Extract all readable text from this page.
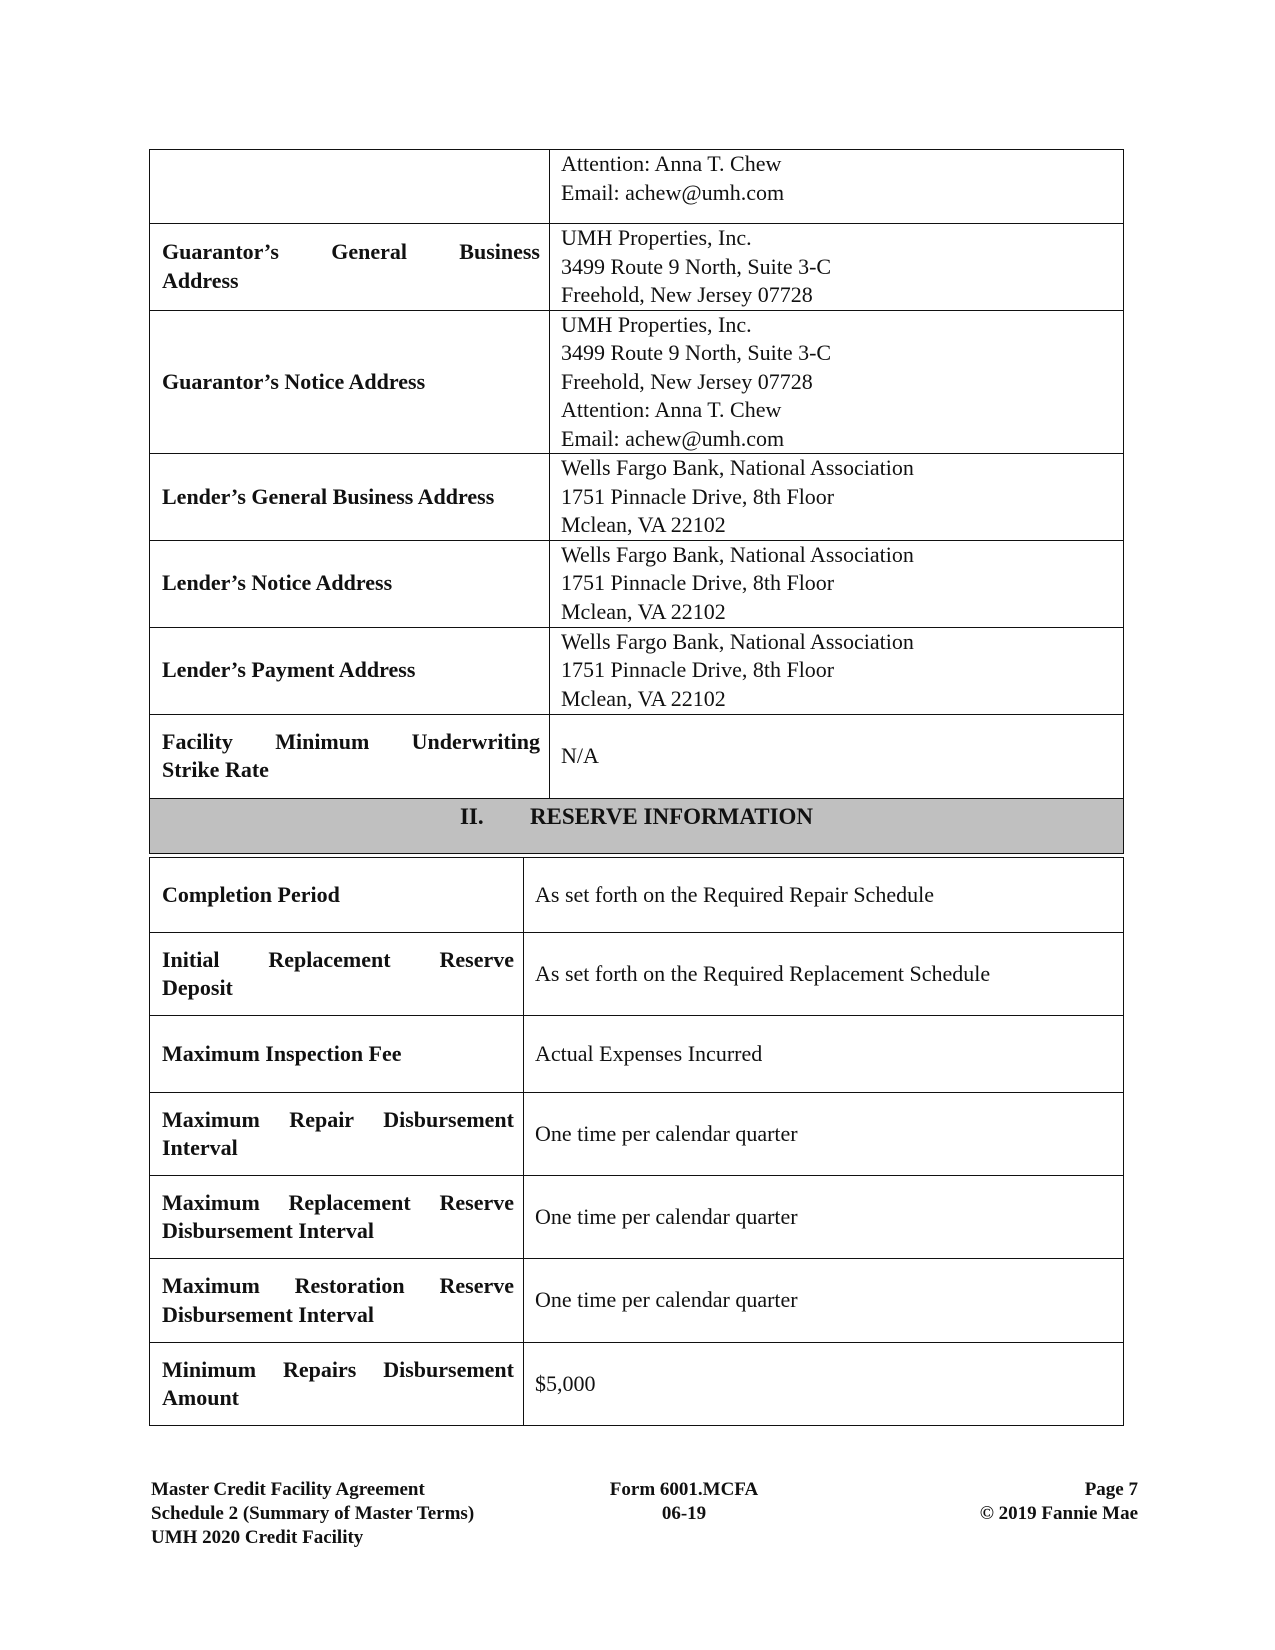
	Attention: Anna T. Chew
Email: achew@umh.com

Guarantor’s General Business
Address	UMH Properties, Inc.
3499 Route 9 North, Suite 3-C
Freehold, New Jersey 07728

Guarantor’s Notice Address	UMH Properties, Inc.
3499 Route 9 North, Suite 3-C
Freehold, New Jersey 07728
Attention: Anna T. Chew
Email: achew@umh.com

Lender’s General Business Address	Wells Fargo Bank, National Association
1751 Pinnacle Drive, 8th Floor
Mclean, VA 22102

Lender’s Notice Address	Wells Fargo Bank, National Association
1751 Pinnacle Drive, 8th Floor
Mclean, VA 22102

Lender’s Payment Address	Wells Fargo Bank, National Association
1751 Pinnacle Drive, 8th Floor
Mclean, VA 22102

Facility Minimum Underwriting
Strike Rate	N/A

II. RESERVE INFORMATION	
Completion Period	As set forth on the Required Repair Schedule

Initial Replacement Reserve
Deposit	As set forth on the Required Replacement Schedule

Maximum Inspection Fee	Actual Expenses Incurred

Maximum Repair Disbursement
Interval	One time per calendar quarter

Maximum Replacement Reserve
Disbursement Interval	One time per calendar quarter

Maximum Restoration Reserve
Disbursement Interval	One time per calendar quarter

Minimum Repairs Disbursement
Amount	$5,000
Master Credit Facility Agreement
Schedule 2 (Summary of Master Terms)
UMH 2020 Credit Facility
Form 6001.MCFA
06-19
Page 7
© 2019 Fannie Mae
